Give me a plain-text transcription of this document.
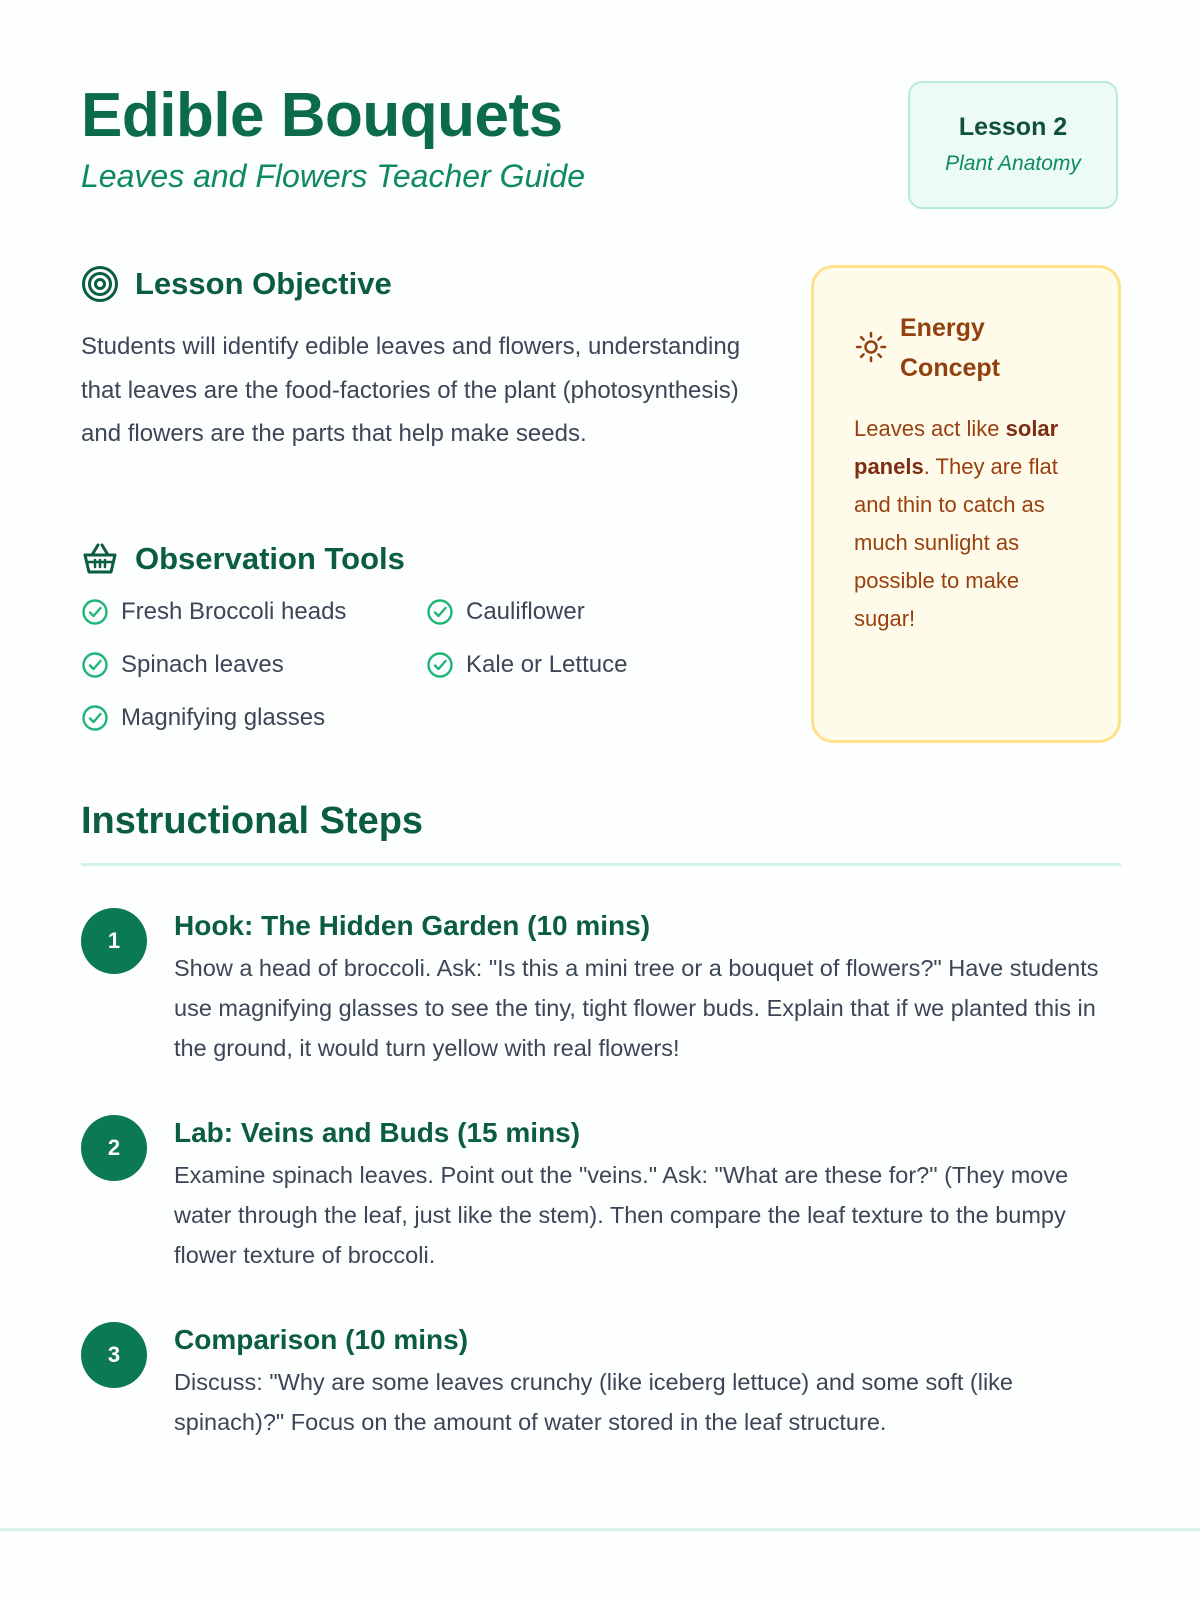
Edible Bouquets
Leaves and Flowers Teacher Guide
Lesson 2
Plant Anatomy
Lesson Objective

Students will identify edible leaves and flowers, understanding that leaves are the food-factories of the plant (photosynthesis) and flowers are the parts that help make seeds.

Observation Tools
Fresh Broccoli heads	Cauliflower
Spinach leaves	Kale or Lettuce
Magnifying glasses
Energy Concept
Leaves act like solar panels. They are flat and thin to catch as much sunlight as possible to make sugar!
Instructional Steps
1	Hook: The Hidden Garden (10 mins)
Show a head of broccoli. Ask: "Is this a mini tree or a bouquet of flowers?" Have students use magnifying glasses to see the tiny, tight flower buds. Explain that if we planted this in the ground, it would turn yellow with real flowers!
2	Lab: Veins and Buds (15 mins)
Examine spinach leaves. Point out the "veins." Ask: "What are these for?" (They move water through the leaf, just like the stem). Then compare the leaf texture to the bumpy flower texture of broccoli.
3	Comparison (10 mins)
Discuss: "Why are some leaves crunchy (like iceberg lettuce) and some soft (like spinach)?" Focus on the amount of water stored in the leaf structure.
